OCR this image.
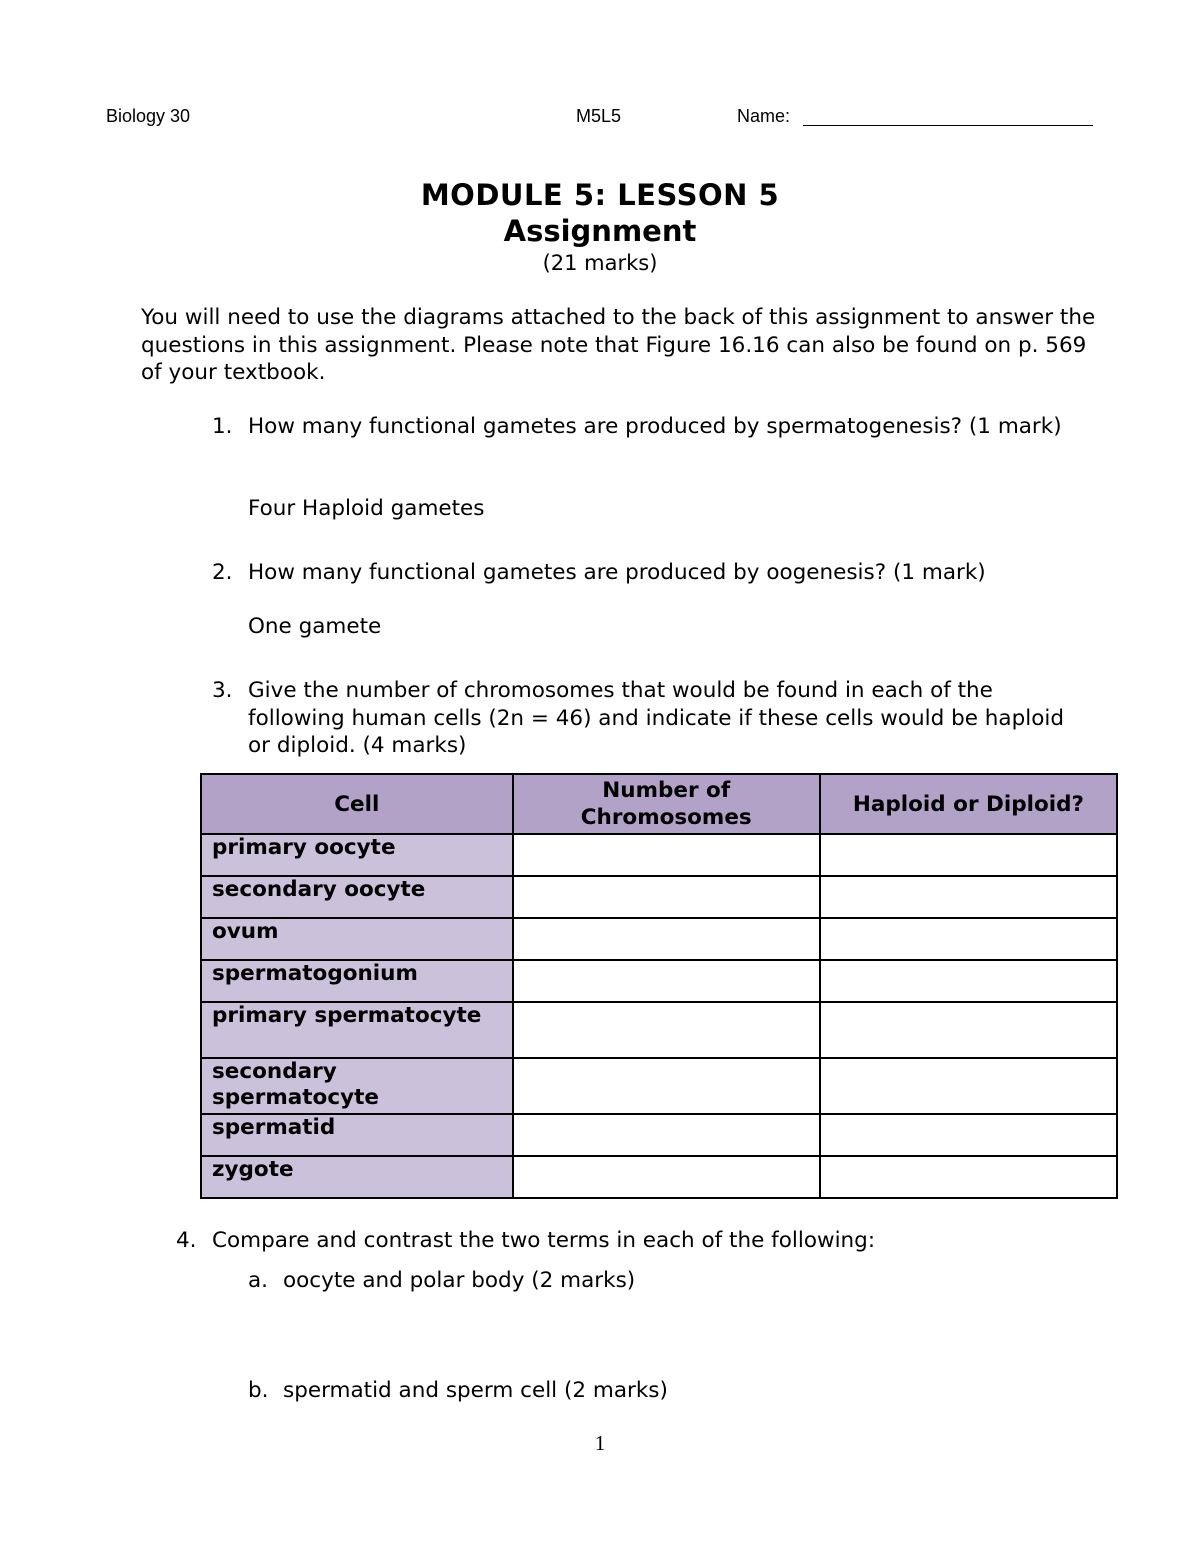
Biology 30	M5L5	Name:
MODULE 5: LESSON 5
Assignment
(21 marks)
You will need to use the diagrams attached to the back of this assignment to answer the questions in this assignment. Please note that Figure 16.16 can also be found on p. 569 of your textbook.
1. How many functional gametes are produced by spermatogenesis? (1 mark)
Four Haploid gametes
2. How many functional gametes are produced by oogenesis? (1 mark)
One gamete
3. Give the number of chromosomes that would be found in each of the following human cells (2n = 46) and indicate if these cells would be haploid or diploid. (4 marks)
Cell	Number of Chromosomes	Haploid or Diploid?
primary oocyte		
secondary oocyte		
ovum		
spermatogonium		
primary spermatocyte		
secondary spermatocyte		
spermatid		
zygote		
4. Compare and contrast the two terms in each of the following:
a. oocyte and polar body (2 marks)
b. spermatid and sperm cell (2 marks)
1
